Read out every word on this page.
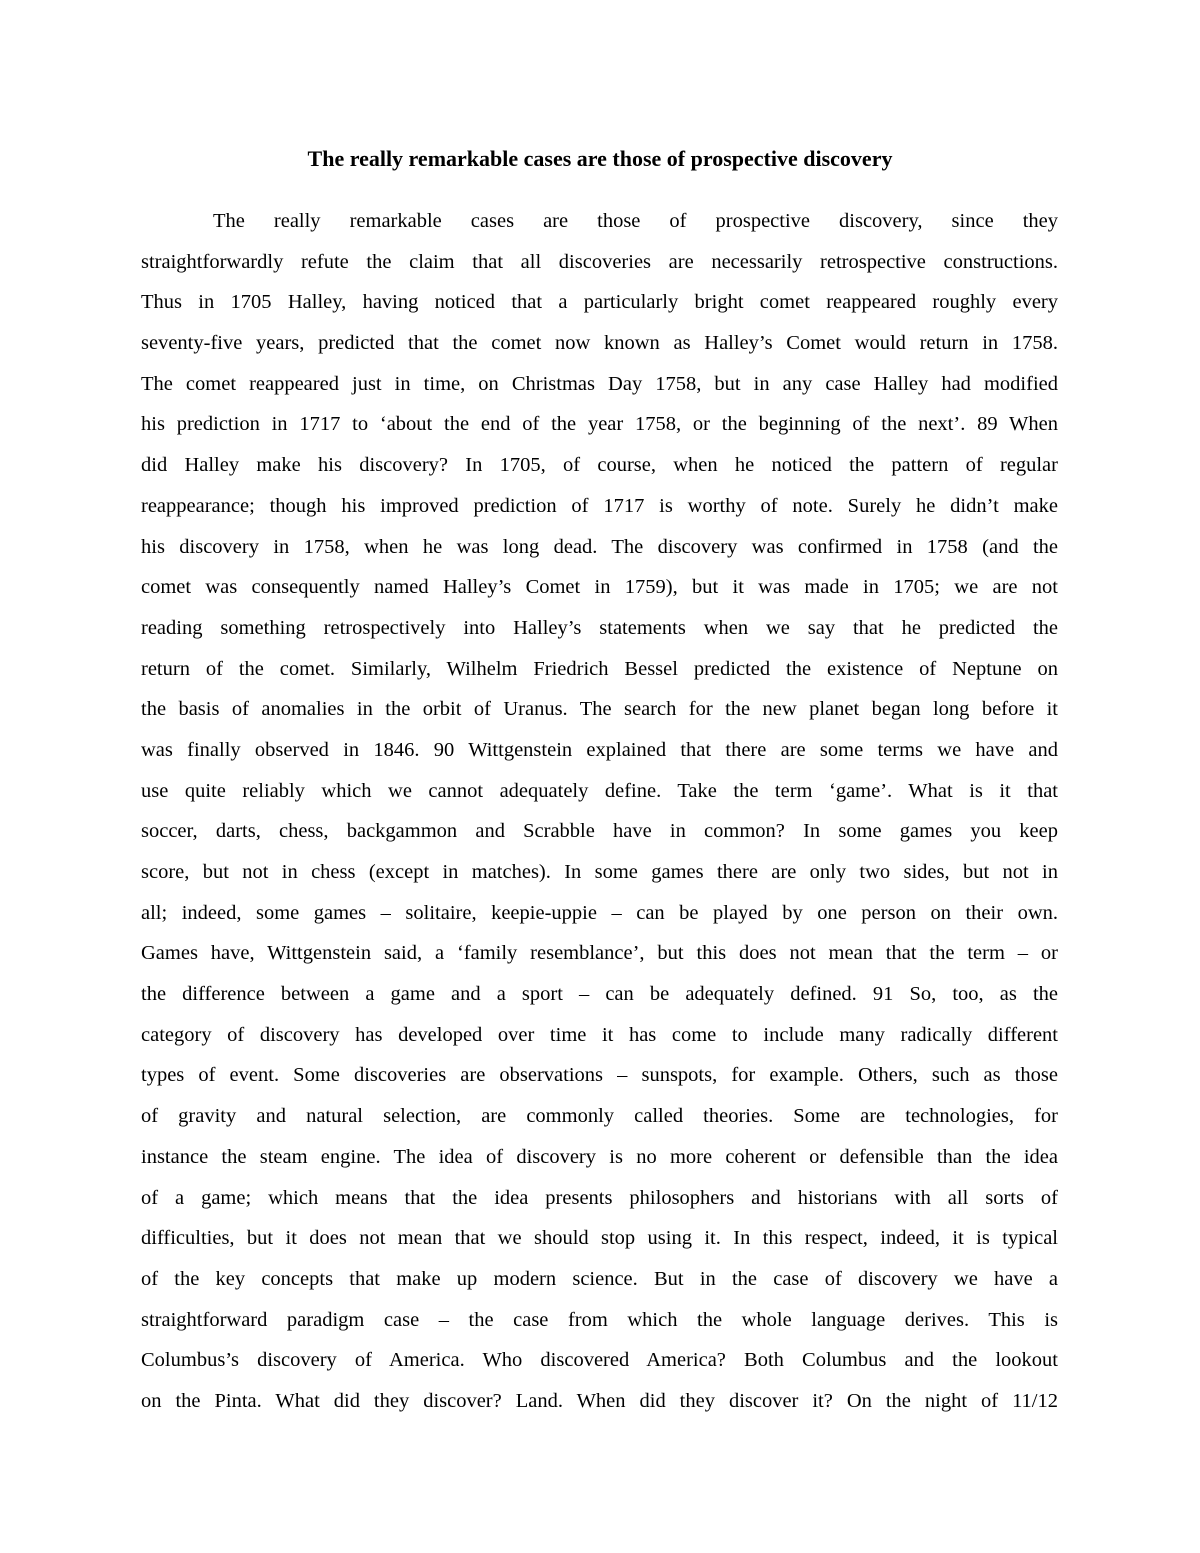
The really remarkable cases are those of prospective discovery
The really remarkable cases are those of prospective discovery, since they
straightforwardly refute the claim that all discoveries are necessarily retrospective constructions.
Thus in 1705 Halley, having noticed that a particularly bright comet reappeared roughly every
seventy-five years, predicted that the comet now known as Halley’s Comet would return in 1758.
The comet reappeared just in time, on Christmas Day 1758, but in any case Halley had modified
his prediction in 1717 to ‘about the end of the year 1758, or the beginning of the next’. 89 When
did Halley make his discovery? In 1705, of course, when he noticed the pattern of regular
reappearance; though his improved prediction of 1717 is worthy of note. Surely he didn’t make
his discovery in 1758, when he was long dead. The discovery was confirmed in 1758 (and the
comet was consequently named Halley’s Comet in 1759), but it was made in 1705; we are not
reading something retrospectively into Halley’s statements when we say that he predicted the
return of the comet. Similarly, Wilhelm Friedrich Bessel predicted the existence of Neptune on
the basis of anomalies in the orbit of Uranus. The search for the new planet began long before it
was finally observed in 1846. 90 Wittgenstein explained that there are some terms we have and
use quite reliably which we cannot adequately define. Take the term ‘game’. What is it that
soccer, darts, chess, backgammon and Scrabble have in common? In some games you keep
score, but not in chess (except in matches). In some games there are only two sides, but not in
all; indeed, some games – solitaire, keepie-uppie – can be played by one person on their own.
Games have, Wittgenstein said, a ‘family resemblance’, but this does not mean that the term – or
the difference between a game and a sport – can be adequately defined. 91 So, too, as the
category of discovery has developed over time it has come to include many radically different
types of event. Some discoveries are observations – sunspots, for example. Others, such as those
of gravity and natural selection, are commonly called theories. Some are technologies, for
instance the steam engine. The idea of discovery is no more coherent or defensible than the idea
of a game; which means that the idea presents philosophers and historians with all sorts of
difficulties, but it does not mean that we should stop using it. In this respect, indeed, it is typical
of the key concepts that make up modern science. But in the case of discovery we have a
straightforward paradigm case – the case from which the whole language derives. This is
Columbus’s discovery of America. Who discovered America? Both Columbus and the lookout
on the Pinta. What did they discover? Land. When did they discover it? On the night of 11/12
